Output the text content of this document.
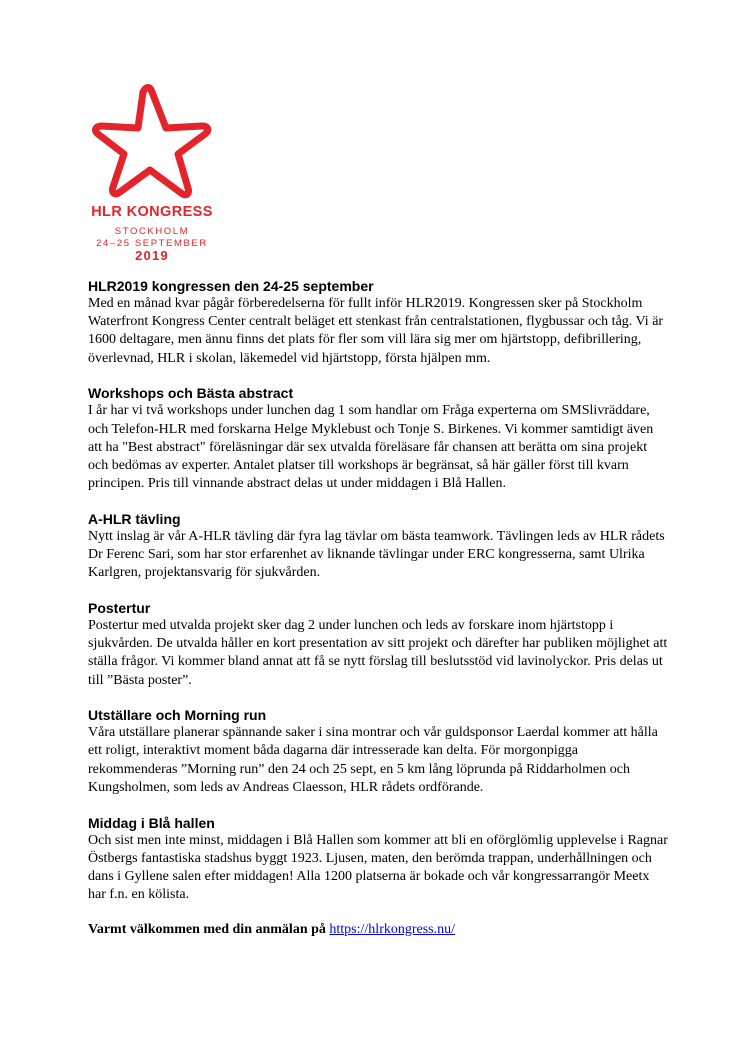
HLR KONGRESS
STOCKHOLM
24–25 SEPTEMBER
2019
HLR2019 kongressen den 24-25 september

Med en månad kvar pågår förberedelserna för fullt inför HLR2019. Kongressen sker på Stockholm Waterfront Kongress Center centralt beläget ett stenkast från centralstationen, flygbussar och tåg. Vi är 1600 deltagare, men ännu finns det plats för fler som vill lära sig mer om hjärtstopp, defibrillering, överlevnad, HLR i skolan, läkemedel vid hjärtstopp, första hjälpen mm.

Workshops och Bästa abstract

I år har vi två workshops under lunchen dag 1 som handlar om Fråga experterna om SMSlivräddare, och Telefon-HLR med forskarna Helge Myklebust och Tonje S. Birkenes. Vi kommer samtidigt även att ha "Best abstract" föreläsningar där sex utvalda föreläsare får chansen att berätta om sina projekt och bedömas av experter. Antalet platser till workshops är begränsat, så här gäller först till kvarn principen. Pris till vinnande abstract delas ut under middagen i Blå Hallen.

A-HLR tävling

Nytt inslag är vår A-HLR tävling där fyra lag tävlar om bästa teamwork. Tävlingen leds av HLR rådets Dr Ferenc Sari, som har stor erfarenhet av liknande tävlingar under ERC kongresserna, samt Ulrika Karlgren, projektansvarig för sjukvården.

Postertur

Postertur med utvalda projekt sker dag 2 under lunchen och leds av forskare inom hjärtstopp i sjukvården. De utvalda håller en kort presentation av sitt projekt och därefter har publiken möjlighet att ställa frågor. Vi kommer bland annat att få se nytt förslag till beslutsstöd vid lavinolyckor. Pris delas ut till ”Bästa poster”.

Utställare och Morning run

Våra utställare planerar spännande saker i sina montrar och vår guldsponsor Laerdal kommer att hålla ett roligt, interaktivt moment båda dagarna där intresserade kan delta. För morgonpigga rekommenderas ”Morning run” den 24 och 25 sept, en 5 km lång löprunda på Riddarholmen och Kungsholmen, som leds av Andreas Claesson, HLR rådets ordförande.

Middag i Blå hallen

Och sist men inte minst, middagen i Blå Hallen som kommer att bli en oförglömlig upplevelse i Ragnar Östbergs fantastiska stadshus byggt 1923. Ljusen, maten, den berömda trappan, underhållningen och dans i Gyllene salen efter middagen! Alla 1200 platserna är bokade och vår kongressarrangör Meetx har f.n. en kölista.

Varmt välkommen med din anmälan på https://hlrkongress.nu/
